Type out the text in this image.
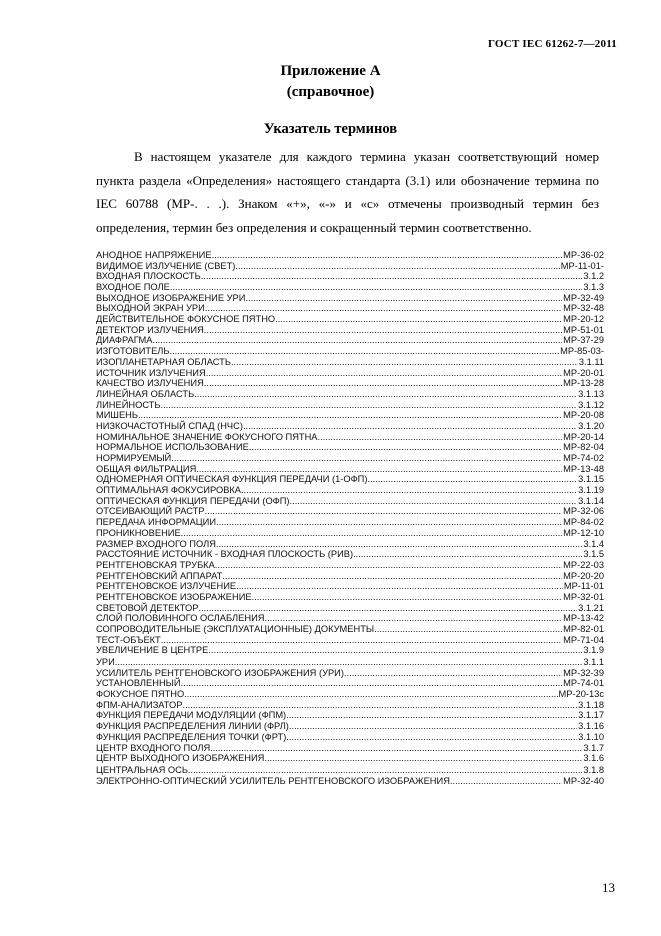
ГОСТ IEC 61262-7—2011
Приложение А
(справочное)
Указатель терминов
В настоящем указателе для каждого термина указан соответствующий номер пункта раздела «Определения» настоящего стандарта (3.1) или обозначение термина по IEC 60788 (МР-. . .). Знаком «+», «-» и «c» отмечены производный термин без определения, термин без определения и сокращенный термин соответственно.
АНОДНОЕ НАПРЯЖЕНИЕ .....	МР-36-02
ВИДИМОЕ ИЗЛУЧЕНИЕ (СВЕТ) .....	МР-11-01-
ВХОДНАЯ ПЛОСКОСТЬ .....	3.1.2
ВХОДНОЕ ПОЛЕ .....	3.1.3
ВЫХОДНОЕ ИЗОБРАЖЕНИЕ УРИ .....	МР-32-49
ВЫХОДНОЙ ЭКРАН УРИ .....	МР-32-48
ДЕЙСТВИТЕЛЬНОЕ ФОКУСНОЕ ПЯТНО .....	МР-20-12
ДЕТЕКТОР ИЗЛУЧЕНИЯ .....	МР-51-01
ДИАФРАГМА .....	МР-37-29
ИЗГОТОВИТЕЛЬ .....	МР-85-03-
ИЗОПЛАНЕТАРНАЯ ОБЛАСТЬ .....	3.1.11
ИСТОЧНИК ИЗЛУЧЕНИЯ .....	МР-20-01
КАЧЕСТВО ИЗЛУЧЕНИЯ .....	МР-13-28
ЛИНЕЙНАЯ ОБЛАСТЬ .....	3.1.13
ЛИНЕЙНОСТЬ .....	3.1.12
МИШЕНЬ .....	МР-20-08
НИЗКОЧАСТОТНЫЙ СПАД (НЧС) .....	3.1.20
НОМИНАЛЬНОЕ ЗНАЧЕНИЕ ФОКУСНОГО ПЯТНА .....	МР-20-14
НОРМАЛЬНОЕ ИСПОЛЬЗОВАНИЕ .....	МР-82-04
НОРМИРУЕМЫЙ .....	МР-74-02
ОБЩАЯ ФИЛЬТРАЦИЯ .....	МР-13-48
ОДНОМЕРНАЯ ОПТИЧЕСКАЯ ФУНКЦИЯ ПЕРЕДАЧИ (1-ОФП) .....	3.1.15
ОПТИМАЛЬНАЯ ФОКУСИРОВКА .....	3.1.19
ОПТИЧЕСКАЯ ФУНКЦИЯ ПЕРЕДАЧИ (ОФП) .....	3.1.14
ОТСЕИВАЮЩИЙ РАСТР .....	МР-32-06
ПЕРЕДАЧА ИНФОРМАЦИИ .....	МР-84-02
ПРОНИКНОВЕНИЕ .....	МР-12-10
РАЗМЕР ВХОДНОГО ПОЛЯ .....	3.1.4
РАССТОЯНИЕ ИСТОЧНИК - ВХОДНАЯ ПЛОСКОСТЬ (РИВ) .....	3.1.5
РЕНТГЕНОВСКАЯ ТРУБКА .....	МР-22-03
РЕНТГЕНОВСКИЙ АППАРАТ .....	МР-20-20
РЕНТГЕНОВСКОЕ ИЗЛУЧЕНИЕ .....	МР-11-01
РЕНТГЕНОВСКОЕ ИЗОБРАЖЕНИЕ .....	МР-32-01
СВЕТОВОЙ ДЕТЕКТОР .....	3.1.21
СЛОЙ ПОЛОВИННОГО ОСЛАБЛЕНИЯ .....	МР-13-42
СОПРОВОДИТЕЛЬНЫЕ (ЭКСПЛУАТАЦИОННЫЕ) ДОКУМЕНТЫ .....	МР-82-01
ТЕСТ-ОБЪЕКТ .....	МР-71-04
УВЕЛИЧЕНИЕ В ЦЕНТРЕ .....	3.1.9
УРИ .....	3.1.1
УСИЛИТЕЛЬ РЕНТГЕНОВСКОГО ИЗОБРАЖЕНИЯ (УРИ) .....	МР-32-39
УСТАНОВЛЕННЫЙ .....	МР-74-01
ФОКУСНОЕ ПЯТНО .....	МР-20-13c
ФПМ-АНАЛИЗАТОР .....	3.1.18
ФУНКЦИЯ ПЕРЕДАЧИ МОДУЛЯЦИИ (ФПМ) .....	3.1.17
ФУНКЦИЯ РАСПРЕДЕЛЕНИЯ ЛИНИИ (ФРЛ) .....	3.1.16
ФУНКЦИЯ РАСПРЕДЕЛЕНИЯ ТОЧКИ (ФРТ) .....	3.1.10
ЦЕНТР ВХОДНОГО ПОЛЯ .....	3.1.7
ЦЕНТР ВЫХОДНОГО ИЗОБРАЖЕНИЯ .....	3.1.6
ЦЕНТРАЛЬНАЯ ОСЬ .....	3.1.8
ЭЛЕКТРОННО-ОПТИЧЕСКИЙ УСИЛИТЕЛЬ РЕНТГЕНОВСКОГО ИЗОБРАЖЕНИЯ .....	МР-32-40
13
